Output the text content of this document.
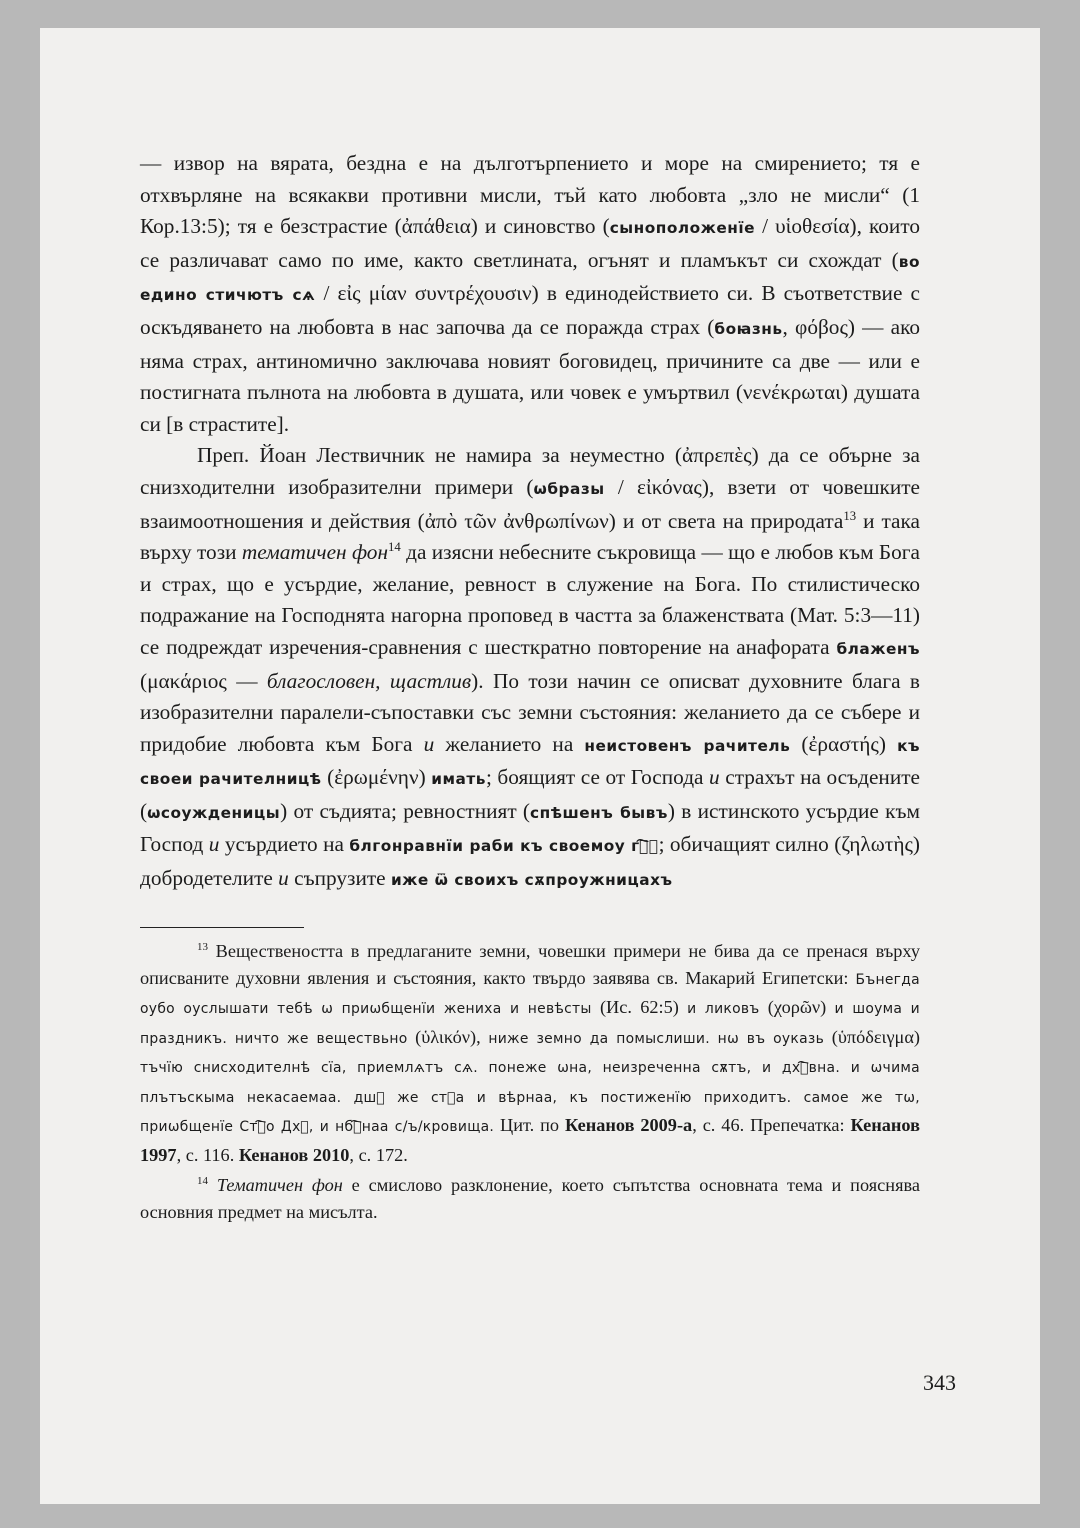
— извор на вярата, бездна е на дълготърпението и море на смирението; тя е отхвърляне на всякакви противни мисли, тъй като любовта „зло не мисли“ (1 Кор.13:5); тя е безстрастие (ἀπάθεια) и синовство (сыноположенїе / υἱοθεσία), които се различават само по име, както светлината, огънят и пламъкът си схождат (во едино стичютъ сѧ / εἰς μίαν συντρέχουσιν) в единодействието си. В съответствие с оскъдяването на любовта в нас започва да се поражда страх (боꙗзнь, φόβος) — ако няма страх, антиномично заключава новият боговидец, причините са две — или е постигната пълнота на любовта в душата, или човек е умъртвил (νενέκρωται) душата си [в страстите].

Преп. Йоан Лествичник не намира за неуместно (ἀπρεπὲς) да се обърне за снизходителни изобразителни примери (ѡбразы / εἰκόνας), взети от човешките взаимоотношения и действия (ἀπὸ τῶν ἀνθρωπίνων) и от света на природата$^{13}$ и така върху този тематичен фон$^{14}$ да изясни небесните съкровища — що е любов към Бога и страх, що е усърдие, желание, ревност в служение на Бога. По стилистическо подражание на Господнята нагорна проповед в частта за блаженствата (Мат. 5:3—11) се подреждат изречения-сравнения с шесткратно повторение на анафората блаженъ (μακάριος — благословен, щастлив). По този начин се описват духовните блага в изобразителни паралели-съпоставки със земни състояния: желанието да се събере и придобие любовта към Бога и желанието на неистовенъ рачитель (ἐραστής) къ своеи рачителницѣ (ἐρωμένην) имать; боящият се от Господа и страхът на осъдените (ѡсоужденицы) от съдията; ревностният (спѣшенъ бывъ) в истинското усърдие към Господ и усърдието на блгонравнїи раби къ своемоу гⷭ҇ꙋ; обичащият силно (ζηλωτὴς) добродетелите и съпрузите иже ѿ своихъ сѫпроужницахъ

$^{13}$ Веществеността в предлаганите земни, човешки примери не бива да се пренася върху описваните духовни явления и състояния, както твърдо заявява св. Макарий Египетски: Бънегда оубо оуслышати тебѣ ѡ приѡбщенїи жениха и невѣсты (Ис. 62:5) и ликовъ (χορῶν) и шоума и праздникъ. ничто же веществьно (ὑλικόν), ниже земно да помыслиши. нѡ въ оуказь (ὑπόδειγμα) тъчїю снисходителнѣ сїа, приемлѧтъ сѧ. понеже ѡна, неизреченна сѫтъ, и дхⷪ҇вна. и ѡчима плътъскыма некасаемаа. дшⷶ же стⷶа и вѣрнаа, къ постиженїю приходитъ. самое же тѡ, приѡбщенїе Стⷢ҇о Дхⷶ, и нбⷭ҇наа с/ъ/кровища. Цит. по Кенанов 2009-а, с. 46. Препечатка: Кенанов 1997, с. 116. Кенанов 2010, с. 172.

$^{14}$ Тематичен фон е смислово разклонение, което съпътства основната тема и пояснява основния предмет на мисълта.

343
